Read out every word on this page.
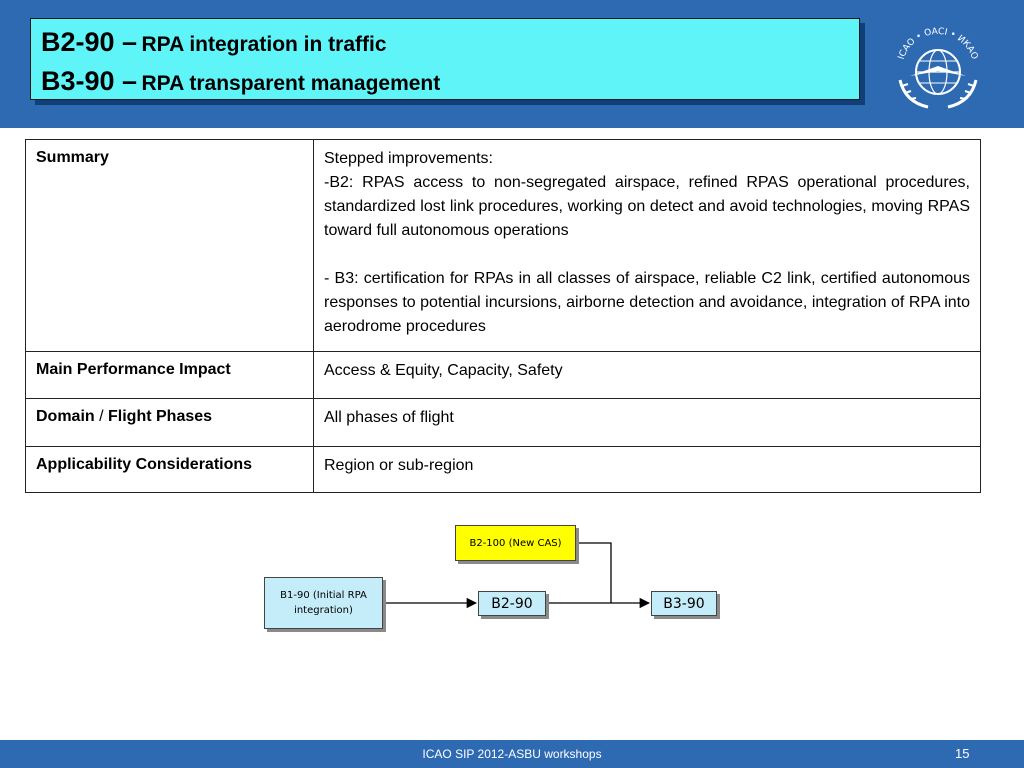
B2-90 – RPA integration in traffic
B3-90 – RPA transparent management
ICAO • OACI • ИКАО
Summary	Stepped improvements:
-B2: RPAS access to non-segregated airspace, refined RPAS operational procedures, standardized lost link procedures, working on detect and avoid technologies, moving RPAS toward full autonomous operations
- B3: certification for RPAs in all classes of airspace, reliable C2 link, certified autonomous responses to potential incursions, airborne detection and avoidance, integration of RPA into aerodrome procedures

Main Performance Impact	Access & Equity, Capacity, Safety
Domain / Flight Phases	All phases of flight
Applicability Considerations	Region or sub-region
B2-100 (New CAS)
B1-90 (Initial RPA
integration)	B2-90	B3-90
ICAO SIP 2012-ASBU workshops	15
